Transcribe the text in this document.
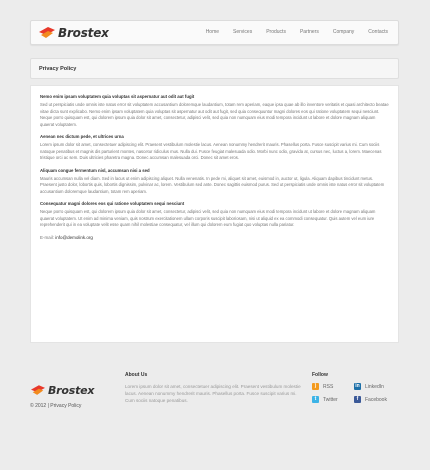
Brostex	Home	Services	Products	Partners	Company	Contacts
Privacy Policy
Nemo enim ipsam voluptatem quia voluptas sit aspernatur aut odit aut fugit

Sed ut perspiciatis unde omnis iste natus error sit voluptatem accusantium doloremque laudantium, totam rem aperiam, eaque ipsa quae ab illo inventore veritatis et quasi architecto beatae vitae dicta sunt explicabo. Nemo enim ipsam voluptatem quia voluptas sit aspernatur aut odit aut fugit, sed quia consequuntur magni dolores eos qui ratione voluptatem sequi nesciunt. Neque porro quisquam est, qui dolorem ipsum quia dolor sit amet, consectetur, adipisci velit, sed quia non numquam eius modi tempora incidunt ut labore et dolore magnam aliquam quaerat voluptatem.

Aenean nec dictum pede, et ultrices urna

Lorem ipsum dolor sit amet, consectetuer adipiscing elit. Praesent vestibulum molestie lacus. Aenean nonummy hendrerit mauris. Phasellus porta. Fusce suscipit varius mi. Cum sociis natoque penatibus et magnis dis parturient montes, nascetur ridiculus mus. Nulla dui. Fusce feugiat malesuada odio. Morbi nunc odio, gravida at, cursus nec, luctus a, lorem. Maecenas tristique orci ac sem. Duis ultricies pharetra magna. Donec accumsan malesuada orci. Donec sit amet eros.

Aliquam congue fermentum nisl, accumsan nisi a sed

Mauris accumsan nulla vel diam. Sed in lacus ut enim adipiscing aliquet. Nulla venenatis. In pede mi, aliquet sit amet, euismod in, auctor ut, ligula. Aliquam dapibus tincidunt metus. Praesent justo dolor, lobortis quis, lobortis dignissim, pulvinar ac, lorem. Vestibulum sed ante. Donec sagittis euismod purus. Sed ut perspiciatis unde omnis iste natus error sit voluptatem accusantium doloremque laudantium, totam rem aperiam.

Consequatur magni dolores eos qui ratione voluptatem sequi nesciunt

Neque porro quisquam est, qui dolorem ipsum quia dolor sit amet, consectetur, adipisci velit, sed quia non numquam eius modi tempora incidunt ut labore et dolore magnam aliquam quaerat voluptatem. Ut enim ad minima veniam, quis nostrum exercitationem ullam corporis suscipit laboriosam, nisi ut aliquid ex ea commodi consequatur. Quis autem vel eum iure reprehenderit qui in ea voluptate velit esse quam nihil molestiae consequatur, vel illum qui dolorem eum fugiat quo voluptas nulla pariatur.

E-mail: info@demolink.org
Brostex
© 2012 | Privacy Policy
About Us

Lorem ipsum dolor sit amet, consectetuer adipiscing elit. Praesent vestibulum molestie lacus. Aenean nonummy hendrerit mauris. Phasellus porta. Fusce suscipit varius mi. Cum sociis natoque penatibus.

Follow
)	RSS	in LinkedIn
t	Twitter	f	Facebook
